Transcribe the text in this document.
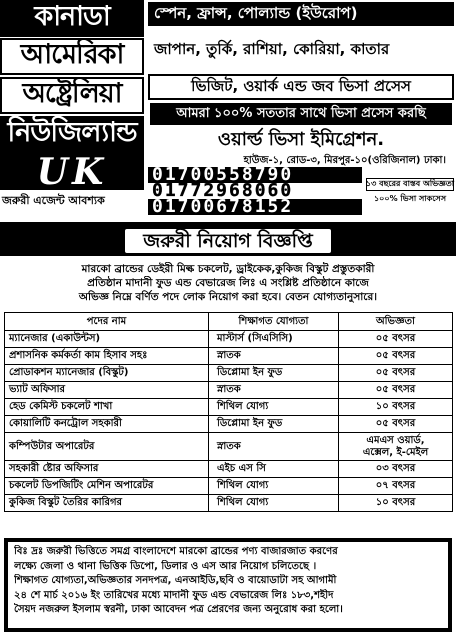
কানাডা
আমেরিকা
অষ্ট্রেলিয়া
নিউজিল্যান্ড
UK
জরুরী এজেন্ট আবশ্যক
স্পেন, ফ্রান্স, পোল্যান্ড (ইউরোপ)
জাপান, তুর্কি, রাশিয়া, কোরিয়া, কাতার
ভিজিট, ওয়ার্ক এন্ড জব ভিসা প্রসেস
আমরা ১০০% সততার সাথে ভিসা প্রসেস করছি
ওয়ার্ল্ড ভিসা ইমিগ্রেশন.
হাউজ-১, রোড-৩, মিরপুর-১০(ওরিজিনাল) ঢাকা।
01700558790
01772968060
01700678152
১৩ বছরের বাস্তব অভিজ্ঞতা
১০০% ভিসা সাকসেস
জরুরী নিয়োগ বিজ্ঞপ্তি
মারকো ব্রান্ডের ডেইরী মিল্ক চকলেট, ড্রাইকেক,কুকিজ বিস্কুট প্রস্তুতকারী
প্রতিষ্ঠান মাদানী ফুড এন্ড বেভারেজ লিঃ এ সংশ্লিষ্ট প্রতিষ্ঠানে কাজে
অভিজ্ঞ নিম্নে বর্ণিত পদে লোক নিয়োগ করা হবে। বেতন যোগ্যতানুসারে।
পদের নাম	শিক্ষাগত যোগ্যতা	অভিজ্ঞতা
ম্যানেজার (একাউন্টস)	মাস্টার্স (সিএসিসি)	০৫ বৎসর
প্রশাসনিক কর্মকর্তা কাম হিসাব সহঃ	স্নাতক	০৫ বৎসর
প্রোডাকশন ম্যানেজার (বিস্কুট)	ডিপ্লোমা ইন ফুড	০৫ বৎসর
ভ্যাট অফিসার	স্নাতক	০৫ বৎসর
হেড কেমিস্ট চকলেট শাখা	শিথিল যোগ্য	১০ বৎসর
কোয়ালিটি কনট্রোল সহকারী	ডিপ্লোমা ইন ফুড	০৫ বৎসর
কম্পিউটার অপারেটর	স্নাতক	এমএস ওয়ার্ড,
এক্সেল, ই-মেইল

সহকারী ষ্টোর অফিসার	এইচ এস সি	০৩ বৎসর
চকলেট ডিপজিটিং মেশিন অপারেটর	শিথিল যোগ্য	০৭ বৎসর
কুকিজ বিস্কুট তৈরির কারিগর	শিথিল যোগ্য	১০ বৎসর
বিঃ দ্রঃ জরুরী ভিত্তিতে সমগ্র বাংলাদেশে মারকো ব্রান্ডের পণ্য বাজারজাত করণের
লক্ষ্যে জেলা ও থানা ভিত্তিক ডিপো, ডিলার ও এস আর নিয়োগ চলিতেছে ।
শিক্ষাগত যোগ্যতা,অভিজ্ঞতার সনদপত্র, এনআইডি,ছবি ও বায়োডাটা সহ আগামী
২৪ শে মার্চ ২০১৬ ইং তারিখের মধ্যে মাদানী ফুড এন্ড বেভারেজ লিঃ ১৮৩,শহীদ
সৈয়দ নজরুল ইসলাম স্বরনী, ঢাকা আবেদন পত্র প্রেরণের জন্য অনুরোধ করা হলো।
